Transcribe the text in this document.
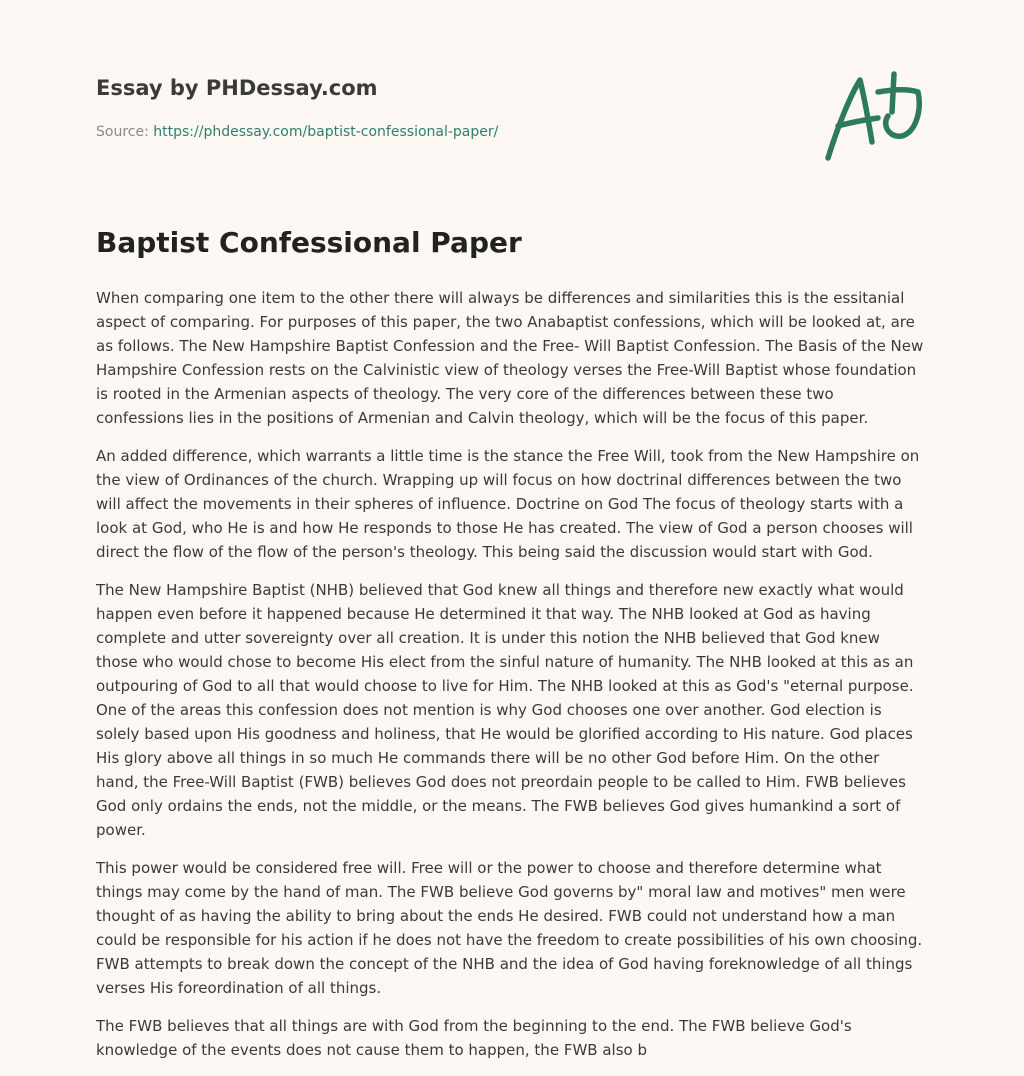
Essay by PHDessay.com
Source: https://phdessay.com/baptist-confessional-paper/
Baptist Confessional Paper

When comparing one item to the other there will always be differences and similarities this is the essitanial aspect of comparing. For purposes of this paper, the two Anabaptist confessions, which will be looked at, are as follows. The New Hampshire Baptist Confession and the Free- Will Baptist Confession. The Basis of the New Hampshire Confession rests on the Calvinistic view of theology verses the Free-Will Baptist whose foundation is rooted in the Armenian aspects of theology. The very core of the differences between these two confessions lies in the positions of Armenian and Calvin theology, which will be the focus of this paper.

An added difference, which warrants a little time is the stance the Free Will, took from the New Hampshire on the view of Ordinances of the church. Wrapping up will focus on how doctrinal differences between the two will affect the movements in their spheres of influence. Doctrine on God The focus of theology starts with a look at God, who He is and how He responds to those He has created. The view of God a person chooses will direct the flow of the flow of the person's theology. This being said the discussion would start with God.

The New Hampshire Baptist (NHB) believed that God knew all things and therefore new exactly what would happen even before it happened because He determined it that way. The NHB looked at God as having complete and utter sovereignty over all creation. It is under this notion the NHB believed that God knew those who would chose to become His elect from the sinful nature of humanity. The NHB looked at this as an outpouring of God to all that would choose to live for Him. The NHB looked at this as God's "eternal purpose. One of the areas this confession does not mention is why God chooses one over another. God election is solely based upon His goodness and holiness, that He would be glorified according to His nature. God places His glory above all things in so much He commands there will be no other God before Him. On the other hand, the Free-Will Baptist (FWB) believes God does not preordain people to be called to Him. FWB believes God only ordains the ends, not the middle, or the means. The FWB believes God gives humankind a sort of power.

This power would be considered free will. Free will or the power to choose and therefore determine what things may come by the hand of man. The FWB believe God governs by" moral law and motives" men were thought of as having the ability to bring about the ends He desired. FWB could not understand how a man could be responsible for his action if he does not have the freedom to create possibilities of his own choosing. FWB attempts to break down the concept of the NHB and the idea of God having foreknowledge of all things verses His foreordination of all things.

The FWB believes that all things are with God from the beginning to the end. The FWB believe God's knowledge of the events does not cause them to happen, the FWB also b
